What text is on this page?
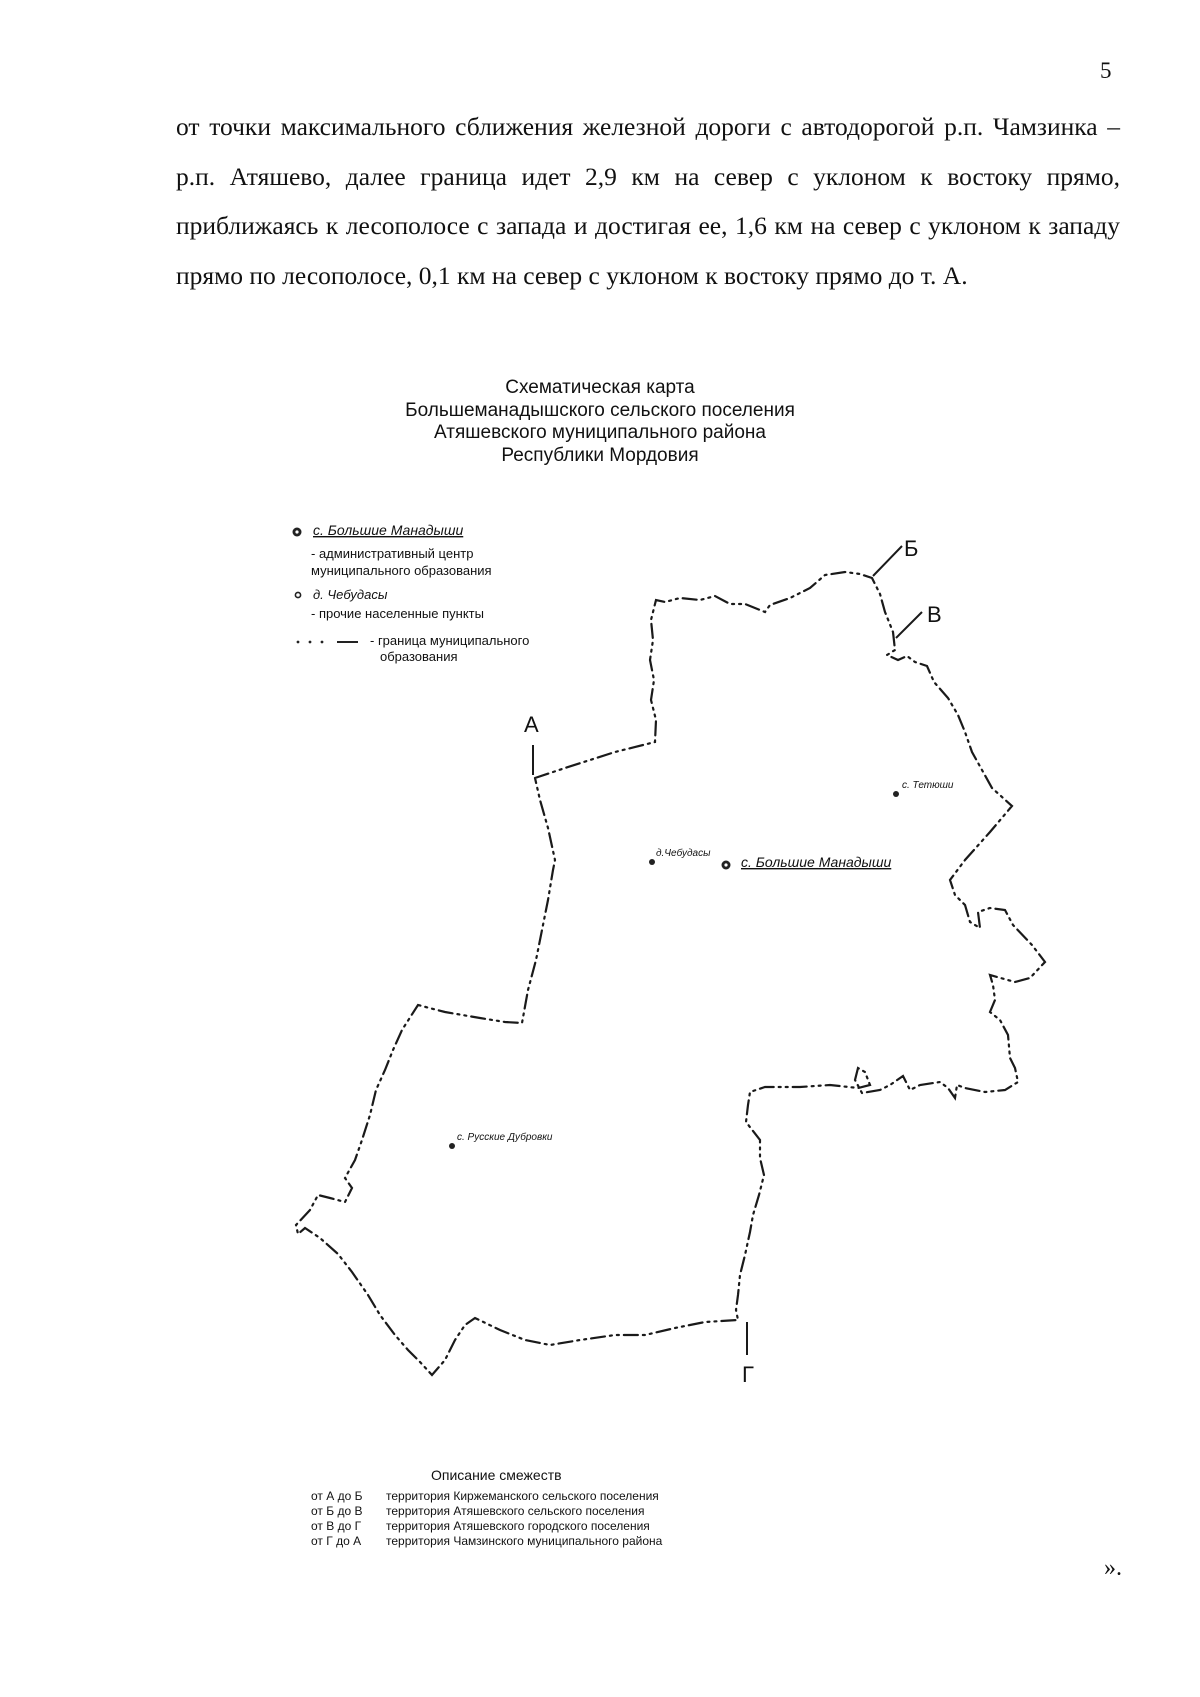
5
от точки максимального сближения железной дороги с автодорогой р.п. Чамзинка – р.п. Атяшево, далее граница идет 2,9 км на север с уклоном к востоку прямо, приближаясь к лесополосе с запада и достигая ее, 1,6 км на север с уклоном к западу прямо по лесополосе, 0,1 км на север с уклоном к востоку прямо до т. А.
Схематическая карта
Большеманадышского сельского поселения
Атяшевского муниципального района
Республики Мордовия
с. Большие Манадыши
- административный центр
муниципального образования
д. Чебудасы
- прочие населенные пункты
- граница муниципального
образования
А
Б
В
Г
с. Тетюши
д.Чебудасы
с. Большие Манадыши
с. Русские Дубровки
Описание смежеств
от А до Б территория Киржеманского сельского поселения
от Б до В территория Атяшевского сельского поселения
от В до Г территория Атяшевского городского поселения
от Г до А территория Чамзинского муниципального района
».
